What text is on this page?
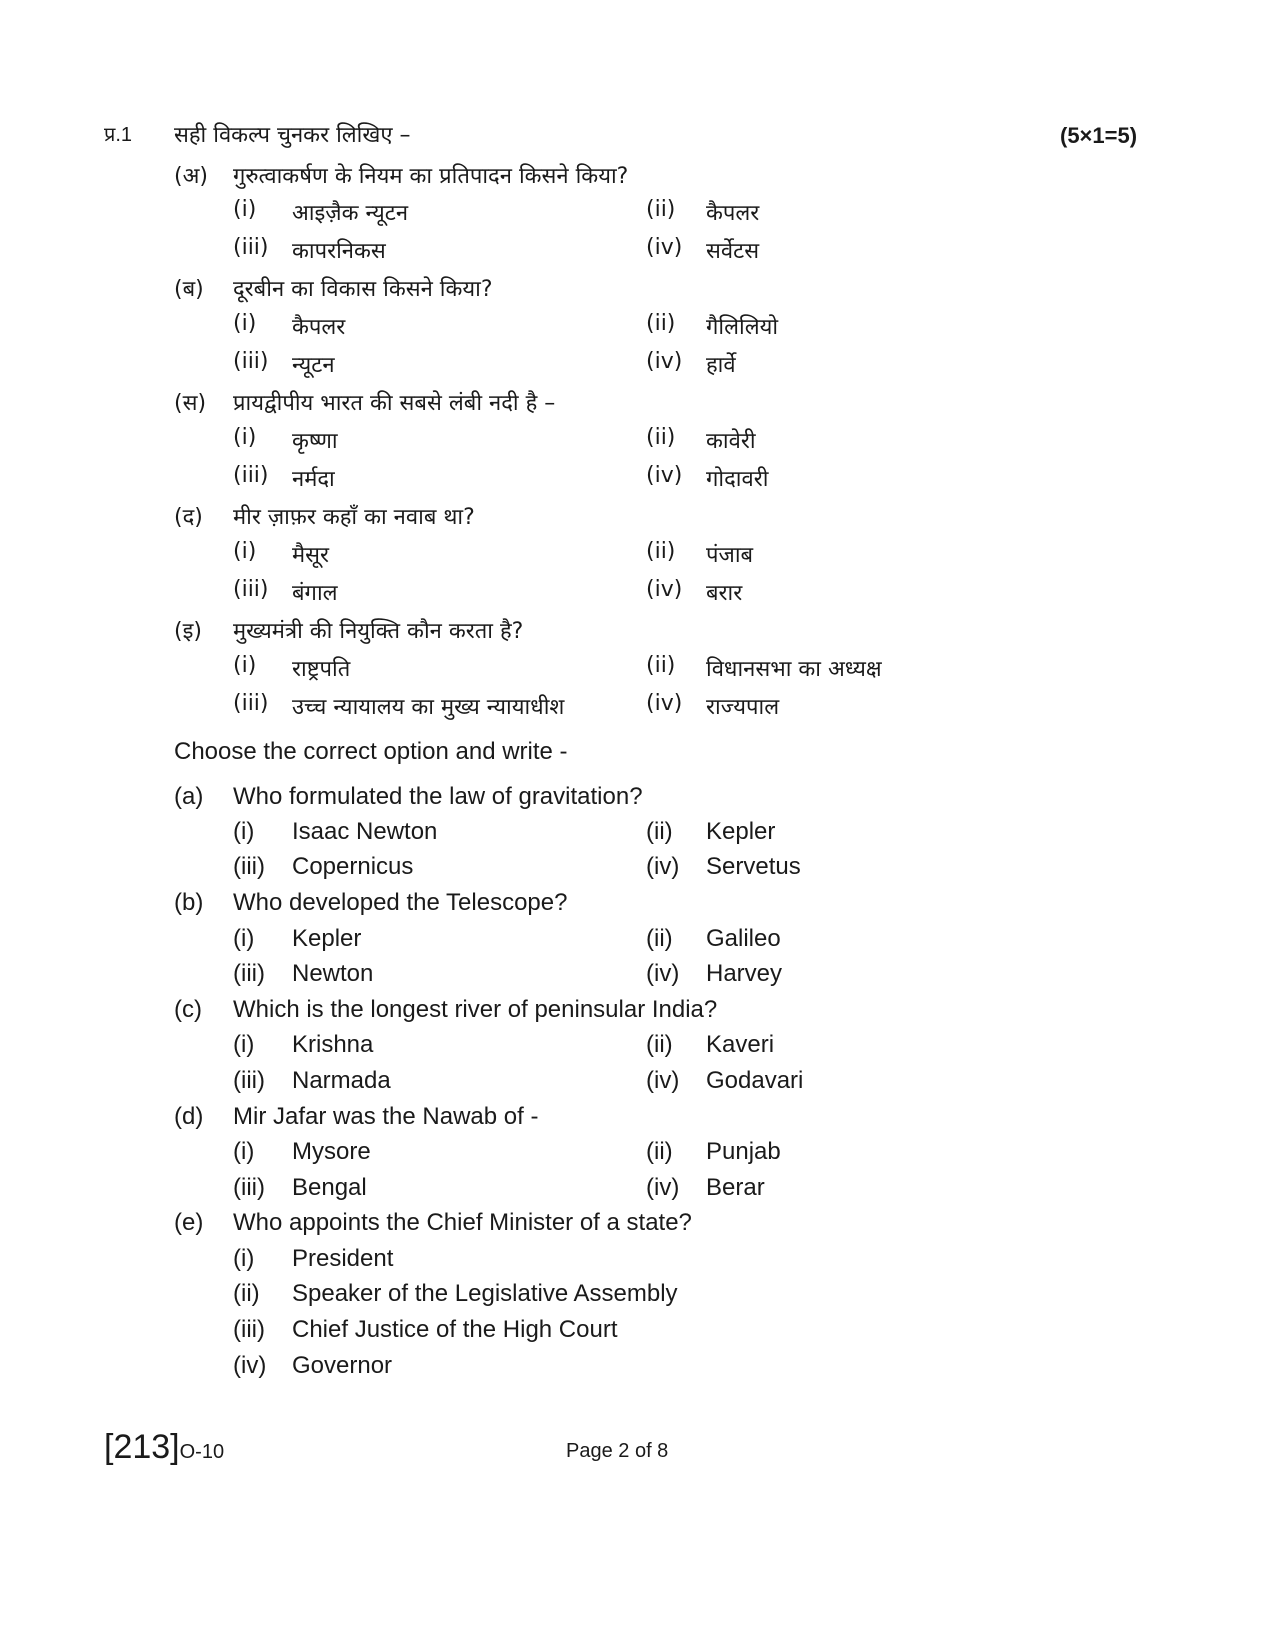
प्र.1 सही विकल्प चुनकर लिखिए –	(5×1=5)
(अ) गुरुत्वाकर्षण के नियम का प्रतिपादन किसने किया?
(i) आइज़ैक न्यूटन	(ii) कैपलर
(iii) कापरनिकस	(iv) सर्वेटस
(ब) दूरबीन का विकास किसने किया?
(i) कैपलर	(ii) गैलिलियो
(iii) न्यूटन	(iv) हार्वे
(स) प्रायद्वीपीय भारत की सबसे लंबी नदी है –
(i) कृष्णा	(ii) कावेरी
(iii) नर्मदा	(iv) गोदावरी
(द) मीर ज़ाफ़र कहाँ का नवाब था?
(i) मैसूर	(ii) पंजाब
(iii) बंगाल	(iv) बरार
(इ) मुख्यमंत्री की नियुक्ति कौन करता है?
(i) राष्ट्रपति	(ii) विधानसभा का अध्यक्ष
(iii) उच्च न्यायालय का मुख्य न्यायाधीश	(iv) राज्यपाल
Choose the correct option and write -
(a) Who formulated the law of gravitation?
(i) Isaac Newton	(ii) Kepler
(iii) Copernicus	(iv) Servetus
(b) Who developed the Telescope?
(i) Kepler	(ii) Galileo
(iii) Newton	(iv) Harvey
(c) Which is the longest river of peninsular India?
(i) Krishna	(ii) Kaveri
(iii) Narmada	(iv) Godavari
(d) Mir Jafar was the Nawab of -
(i) Mysore	(ii) Punjab
(iii) Bengal	(iv) Berar
(e) Who appoints the Chief Minister of a state?
(i) President
(ii) Speaker of the Legislative Assembly
(iii) Chief Justice of the High Court
(iv) Governor
[213]O-10	Page 2 of 8
